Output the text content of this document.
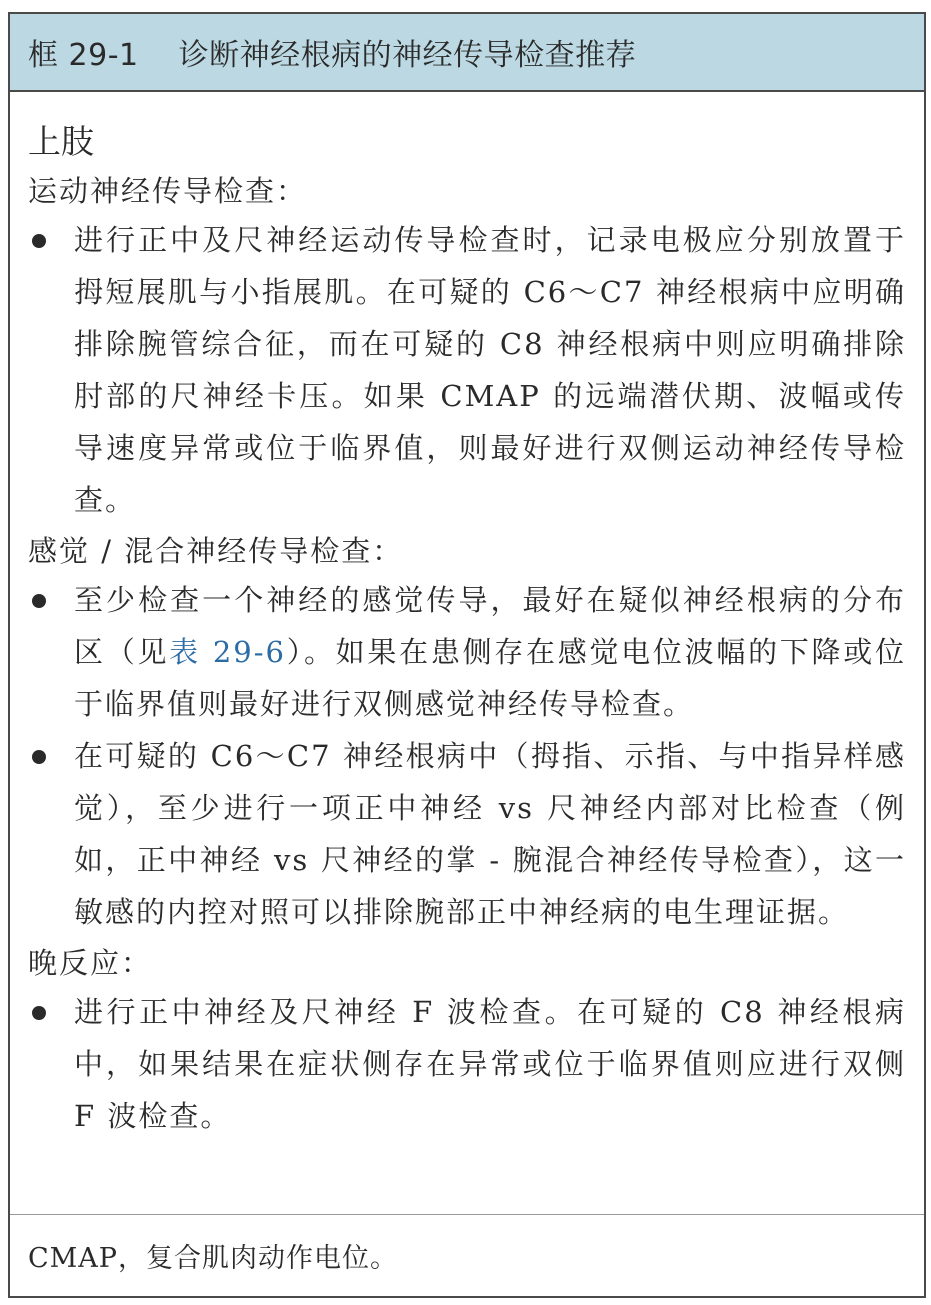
框 29-1 诊断神经根病的神经传导检查推荐
上肢
运动神经传导检查：
进行正中及尺神经运动传导检查时，记录电极应分别放置于拇短展肌与小指展肌。在可疑的 C6～C7 神经根病中应明确排除腕管综合征，而在可疑的 C8 神经根病中则应明确排除肘部的尺神经卡压。如果 CMAP 的远端潜伏期、波幅或传导速度异常或位于临界值，则最好进行双侧运动神经传导检查。
感觉 / 混合神经传导检查：
至少检查一个神经的感觉传导，最好在疑似神经根病的分布区（见表 29-6）。如果在患侧存在感觉电位波幅的下降或位于临界值则最好进行双侧感觉神经传导检查。
在可疑的 C6～C7 神经根病中（拇指、示指、与中指异样感觉），至少进行一项正中神经 vs 尺神经内部对比检查（例如，正中神经 vs 尺神经的掌 - 腕混合神经传导检查），这一敏感的内控对照可以排除腕部正中神经病的电生理证据。
晚反应：
进行正中神经及尺神经 F 波检查。在可疑的 C8 神经根病中，如果结果在症状侧存在异常或位于临界值则应进行双侧 F 波检查。
CMAP，复合肌肉动作电位。
